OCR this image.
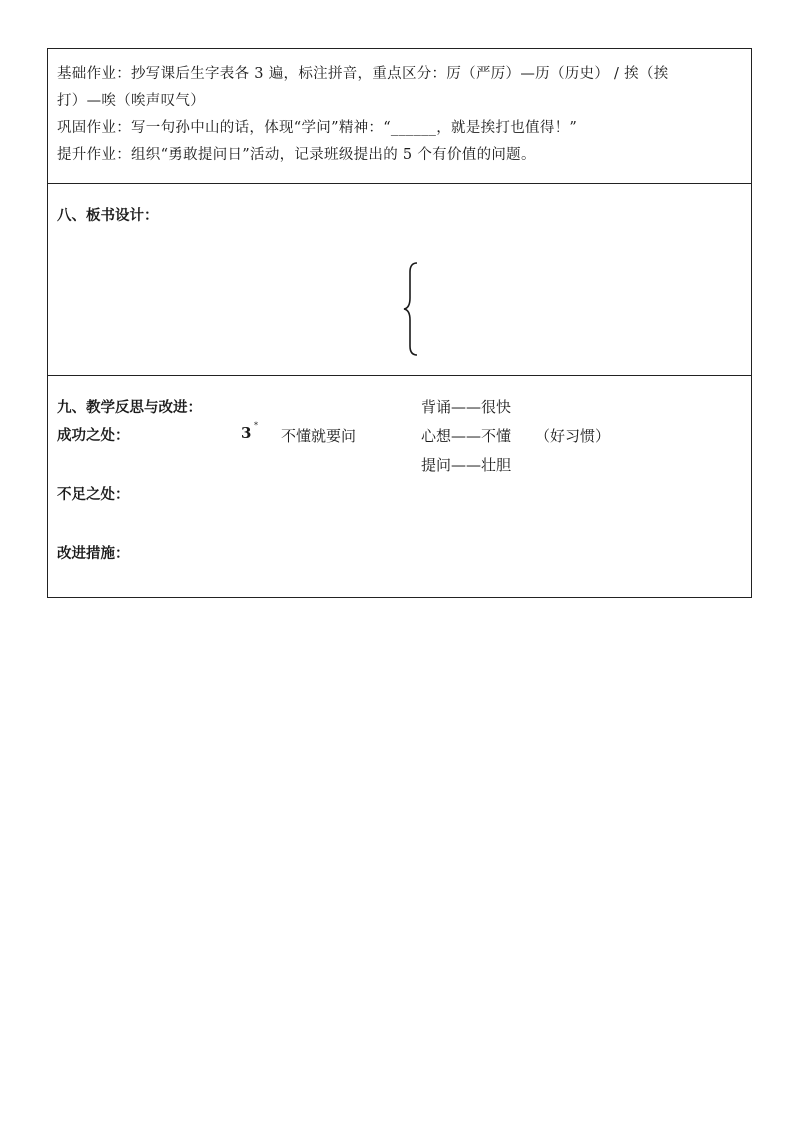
基础作业：抄写课后生字表各 3 遍，标注拼音，重点区分：厉（严厉）—历（历史） / 挨（挨
打）—唉（唉声叹气）
巩固作业：写一句孙中山的话，体现“学问”精神：“______，就是挨打也值得！”
提升作业：组织“勇敢提问日”活动，记录班级提出的 5 个有价值的问题。
八、板书设计：
3 *
不懂就要问
背诵——很快
心想——不懂
提问——壮胆
（好习惯）
九、教学反思与改进：
成功之处：
不足之处：
改进措施：
